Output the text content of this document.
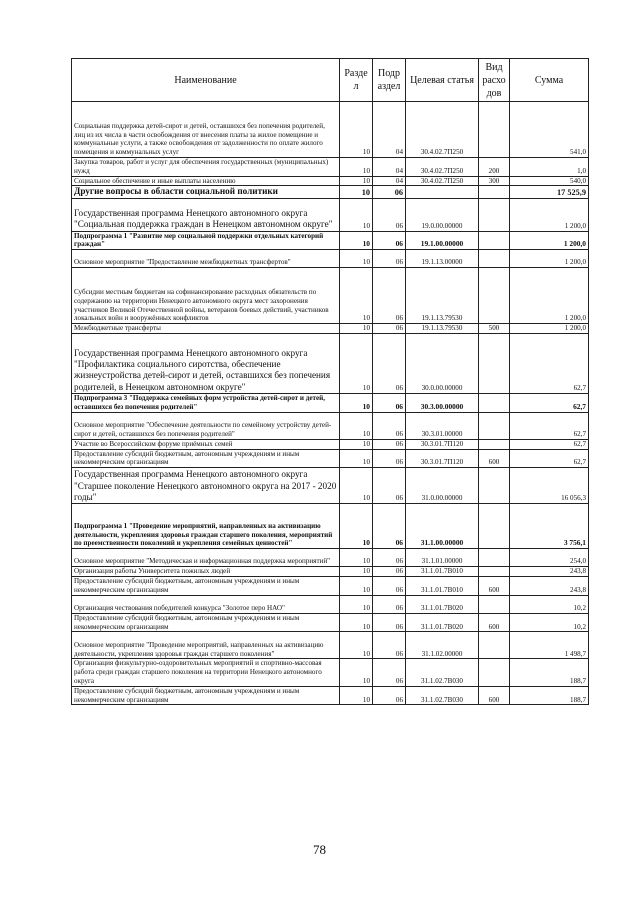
Наименование	Разде л	Подр аздел	Целевая статья	Вид расхо дов	Сумма
Социальная поддержка детей-сирот и детей, оставшихся без попечения родителей, лиц из их числа в части освобождения от внесения платы за жилое помещение и коммунальные услуги, а также освобождения от задолженности по оплате жилого помещения и коммунальных услуг	10	04	30.4.02.7П250		541,0
Закупка товаров, работ и услуг для обеспечения государственных (муниципальных) нужд	10	04	30.4.02.7П250	200	1,0
Социальное обеспечение и иные выплаты населению	10	04	30.4.02.7П250	300	540,0
Другие вопросы в области социальной политики	10	06			17 525,9
Государственная программа Ненецкого автономного округа "Социальная поддержка граждан в Ненецком автономном округе"	10	06	19.0.00.00000		1 200,0
Подпрограмма 1 "Развитие мер социальной поддержки отдельных категорий граждан"	10	06	19.1.00.00000		1 200,0
Основное мероприятие "Предоставление межбюджетных трансфертов"	10	06	19.1.13.00000		1 200,0
Субсидии местным бюджетам на софинансирование расходных обязательств по содержанию на территории Ненецкого автономного округа мест захоронения участников Великой Отечественной войны, ветеранов боевых действий, участников локальных войн и вооружённых конфликтов	10	06	19.1.13.79530		1 200,0
Межбюджетные трансферты	10	06	19.1.13.79530	500	1 200,0
Государственная программа Ненецкого автономного округа "Профилактика социального сиротства, обеспечение жизнеустройства детей-сирот и детей, оставшихся без попечения родителей, в Ненецком автономном округе"	10	06	30.0.00.00000		62,7
Подпрограмма 3 "Поддержка семейных форм устройства детей-сирот и детей, оставшихся без попечения родителей"	10	06	30.3.00.00000		62,7
Основное мероприятие "Обеспечение деятельности по семейному устройству детей-сирот и детей, оставшихся без попечения родителей"	10	06	30.3.01.00000		62,7
Участие во Всероссийском форуме приёмных семей	10	06	30.3.01.7П120		62,7
Предоставление субсидий бюджетным, автономным учреждениям и иным некоммерческим организациям	10	06	30.3.01.7П120	600	62,7
Государственная программа Ненецкого автономного округа "Старшее поколение Ненецкого автономного округа на 2017 - 2020 годы"	10	06	31.0.00.00000		16 056,3
Подпрограмма 1 "Проведение мероприятий, направленных на активизацию деятельности, укрепления здоровья граждан старшего поколения, мероприятий по преемственности поколений и укрепления семейных ценностей"	10	06	31.1.00.00000		3 756,1
Основное мероприятие "Методическая и информационная поддержка мероприятий"	10	06	31.1.01.00000		254,0
Организация работы Университета пожилых людей	10	06	31.1.01.7В010		243,8
Предоставление субсидий бюджетным, автономным учреждениям и иным некоммерческим организациям	10	06	31.1.01.7В010	600	243,8
Организация чествования победителей конкурса "Золотое перо НАО"	10	06	31.1.01.7В020		10,2
Предоставление субсидий бюджетным, автономным учреждениям и иным некоммерческим организациям	10	06	31.1.01.7В020	600	10,2
Основное мероприятие "Проведение мероприятий, направленных на активизацию деятельности, укрепления здоровья граждан старшего поколения"	10	06	31.1.02.00000		1 498,7
Организация физкультурно-оздоровительных мероприятий и спортивно-массовая работа среди граждан старшего поколения на территории Ненецкого автономного округа	10	06	31.1.02.7В030		188,7
Предоставление субсидий бюджетным, автономным учреждениям и иным некоммерческим организациям	10	06	31.1.02.7В030	600	188,7
78
